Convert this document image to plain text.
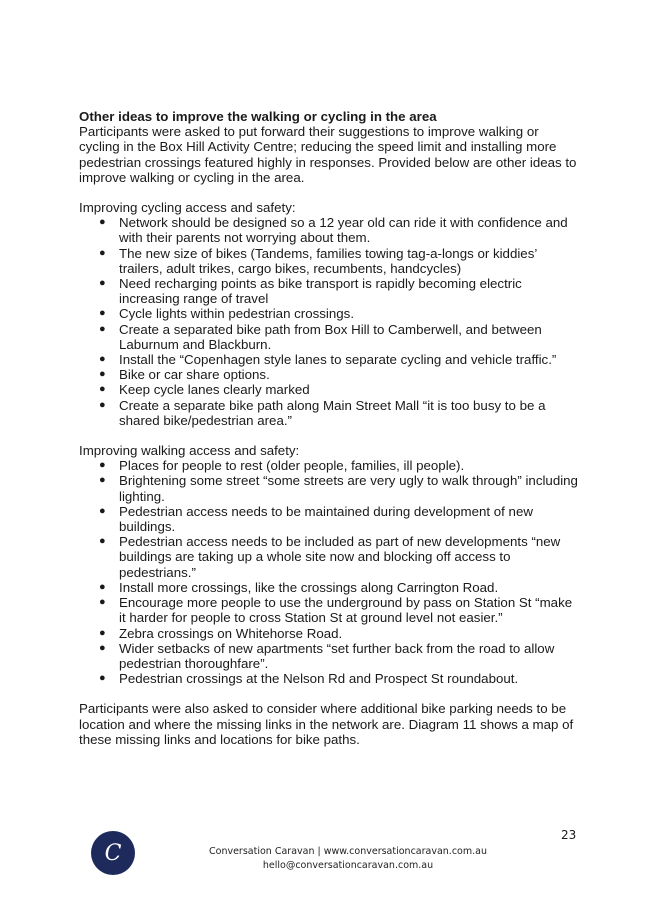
Other ideas to improve the walking or cycling in the area

Participants were asked to put forward their suggestions to improve walking or cycling in the Box Hill Activity Centre; reducing the speed limit and installing more pedestrian crossings featured highly in responses. Provided below are other ideas to improve walking or cycling in the area.

Improving cycling access and safety:

● Network should be designed so a 12 year old can ride it with confidence and with their parents not worrying about them.
● The new size of bikes (Tandems, families towing tag-a-longs or kiddies’ trailers, adult trikes, cargo bikes, recumbents, handcycles)
● Need recharging points as bike transport is rapidly becoming electric increasing range of travel
● Cycle lights within pedestrian crossings.
● Create a separated bike path from Box Hill to Camberwell, and between Laburnum and Blackburn.
● Install the “Copenhagen style lanes to separate cycling and vehicle traffic.”
● Bike or car share options.
● Keep cycle lanes clearly marked
● Create a separate bike path along Main Street Mall “it is too busy to be a shared bike/pedestrian area.”

Improving walking access and safety:

● Places for people to rest (older people, families, ill people).
● Brightening some street “some streets are very ugly to walk through” including lighting.
● Pedestrian access needs to be maintained during development of new buildings.
● Pedestrian access needs to be included as part of new developments “new buildings are taking up a whole site now and blocking off access to pedestrians.”
● Install more crossings, like the crossings along Carrington Road.
● Encourage more people to use the underground by pass on Station St “make it harder for people to cross Station St at ground level not easier.”
● Zebra crossings on Whitehorse Road.
● Wider setbacks of new apartments “set further back from the road to allow pedestrian thoroughfare”.
● Pedestrian crossings at the Nelson Rd and Prospect St roundabout.

Participants were also asked to consider where additional bike parking needs to be location and where the missing links in the network are. Diagram 11 shows a map of these missing links and locations for bike paths.

23
C	Conversation Caravan | www.conversationcaravan.com.au
hello@conversationcaravan.com.au
